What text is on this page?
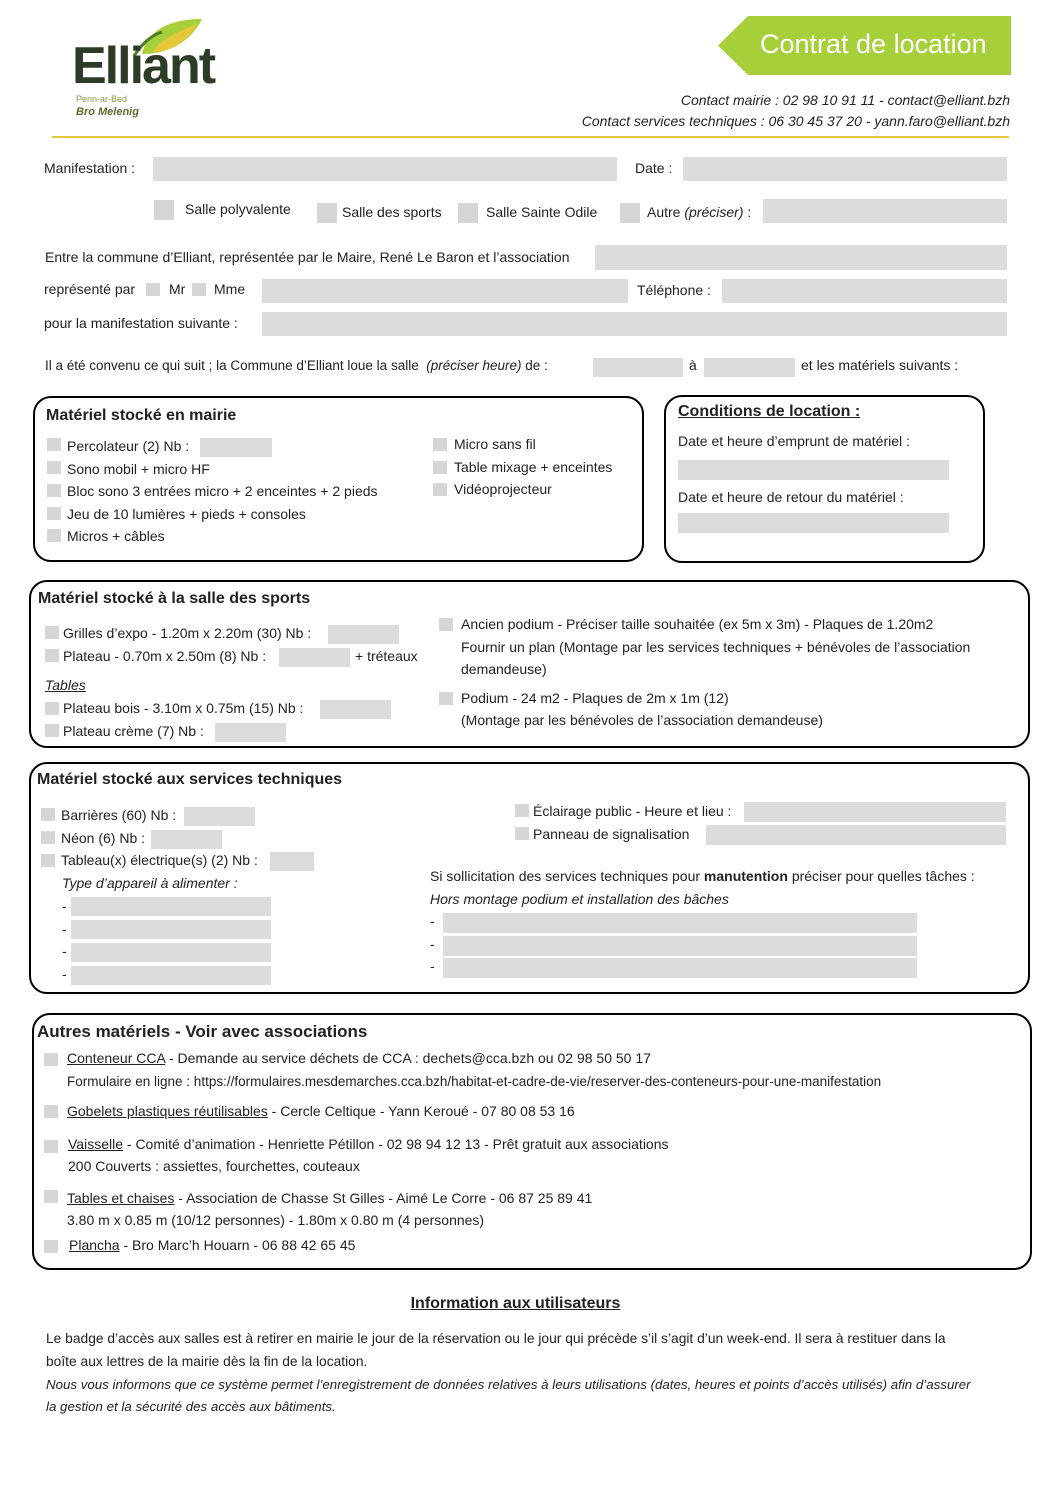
Elliant
Penn-ar-Bed
Bro Melenig
Contrat de location
Contact mairie : 02 98 10 91 11 - contact@elliant.bzh
Contact services techniques : 06 30 45 37 20 - yann.faro@elliant.bzh
Manifestation :	Date :
Salle polyvalente	Salle des sports	Salle Sainte Odile	Autre (préciser) :
Entre la commune d’Elliant, représentée par le Maire, René Le Baron et l’association
représenté par Mr Mme	Téléphone :
pour la manifestation suivante :
Il a été convenu ce qui suit ; la Commune d’Elliant loue la salle (préciser heure) de :	à	et les matériels suivants :
Matériel stocké en mairie
Percolateur (2) Nb :
Sono mobil + micro HF
Bloc sono 3 entrées micro + 2 enceintes + 2 pieds
Jeu de 10 lumières + pieds + consoles
Micros + câbles
Micro sans fil
Table mixage + enceintes
Vidéoprojecteur
Conditions de location :
Date et heure d’emprunt de matériel :
Date et heure de retour du matériel :
Matériel stocké à la salle des sports
Grilles d’expo - 1.20m x 2.20m (30) Nb :
Plateau - 0.70m x 2.50m (8) Nb :	+ tréteaux
Tables
Plateau bois - 3.10m x 0.75m (15) Nb :
Plateau crème (7) Nb :
Ancien podium - Préciser taille souhaitée (ex 5m x 3m) - Plaques de 1.20m2
Fournir un plan (Montage par les services techniques + bénévoles de l’association
demandeuse)
Podium - 24 m2 - Plaques de 2m x 1m (12)
(Montage par les bénévoles de l’association demandeuse)
Matériel stocké aux services techniques
Barrières (60) Nb :
Néon (6) Nb :
Tableau(x) électrique(s) (2) Nb :
Type d’appareil à alimenter :
-
-
-
-
Éclairage public - Heure et lieu :
Panneau de signalisation
Si sollicitation des services techniques pour manutention préciser pour quelles tâches :
Hors montage podium et installation des bâches
-
-
-
Autres matériels - Voir avec associations
Conteneur CCA - Demande au service déchets de CCA : dechets@cca.bzh ou 02 98 50 50 17
Formulaire en ligne : https://formulaires.mesdemarches.cca.bzh/habitat-et-cadre-de-vie/reserver-des-conteneurs-pour-une-manifestation
Gobelets plastiques réutilisables - Cercle Celtique - Yann Keroué - 07 80 08 53 16
Vaisselle - Comité d’animation - Henriette Pétillon - 02 98 94 12 13 - Prêt gratuit aux associations
200 Couverts : assiettes, fourchettes, couteaux
Tables et chaises - Association de Chasse St Gilles - Aimé Le Corre - 06 87 25 89 41
3.80 m x 0.85 m (10/12 personnes) - 1.80m x 0.80 m (4 personnes)
Plancha - Bro Marc’h Houarn - 06 88 42 65 45
Information aux utilisateurs
Le badge d’accès aux salles est à retirer en mairie le jour de la réservation ou le jour qui précède s’il s’agit d’un week-end. Il sera à restituer dans la
boîte aux lettres de la mairie dès la fin de la location.
Nous vous informons que ce système permet l’enregistrement de données relatives à leurs utilisations (dates, heures et points d’accès utilisés) afin d’assurer
la gestion et la sécurité des accès aux bâtiments.
